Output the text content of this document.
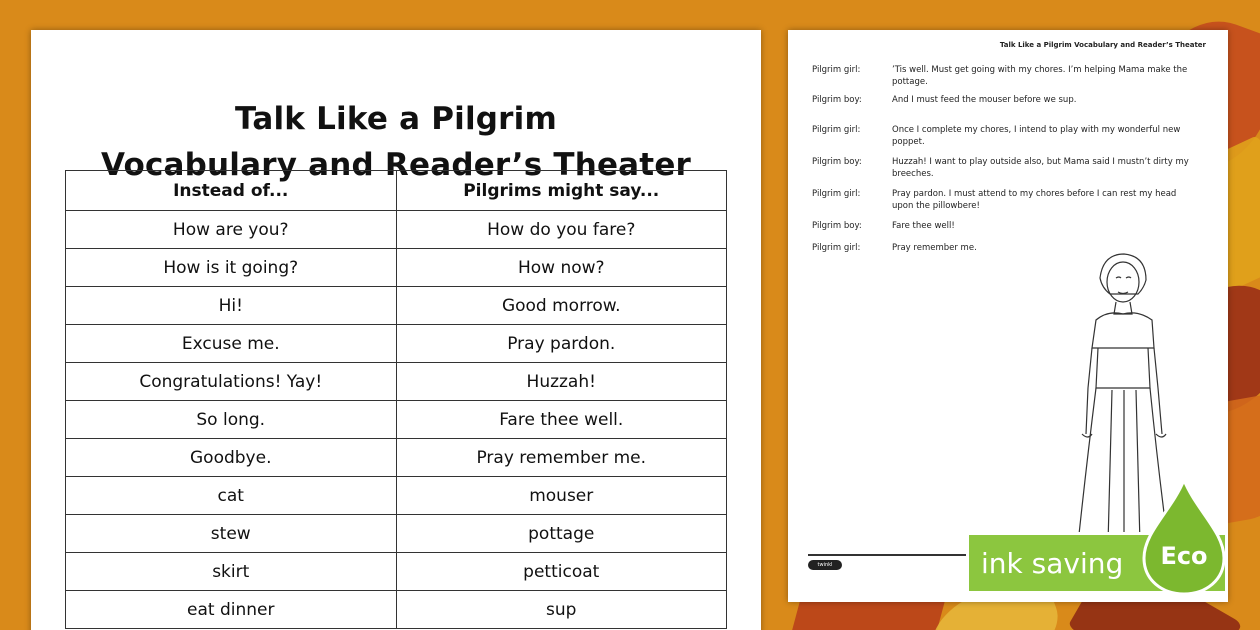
Talk Like a Pilgrim
Vocabulary and Reader’s Theater
Instead of...	Pilgrims might say...
How are you?	How do you fare?
How is it going?	How now?
Hi!	Good morrow.
Excuse me.	Pray pardon.
Congratulations! Yay!	Huzzah!
So long.	Fare thee well.
Goodbye.	Pray remember me.
cat	mouser
stew	pottage
skirt	petticoat
eat dinner	sup
Talk Like a Pilgrim Vocabulary and Reader’s Theater
Pilgrim girl:	’Tis well. Must get going with my chores. I’m helping Mama make the pottage.
Pilgrim boy:	And I must feed the mouser before we sup.
Pilgrim girl:	Once I complete my chores, I intend to play with my wonderful new poppet.
Pilgrim boy:	Huzzah! I want to play outside also, but Mama said I mustn’t dirty my breeches.
Pilgrim girl:	Pray pardon. I must attend to my chores before I can rest my head upon the pillowbere!
Pilgrim boy:	Fare thee well!
Pilgrim girl:	Pray remember me.
twinkl	ink saving	Eco
